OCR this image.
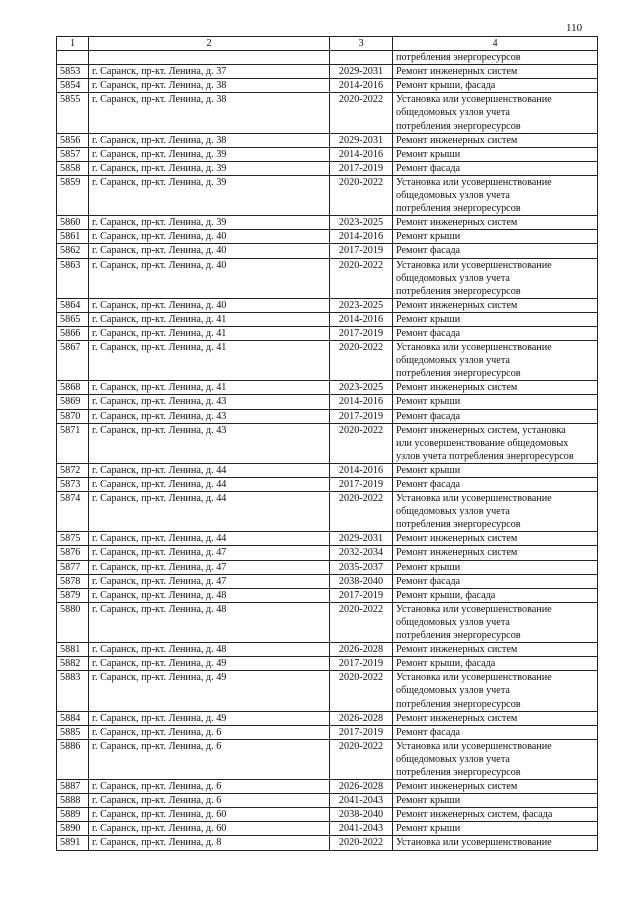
110
1	2	3	4

			потребления энергоресурсов

5853	г. Саранск, пр-кт. Ленина, д. 37	2029-2031	Ремонт инженерных систем

5854	г. Саранск, пр-кт. Ленина, д. 38	2014-2016	Ремонт крыши, фасада

5855	г. Саранск, пр-кт. Ленина, д. 38	2020-2022	Установка или усовершенствование
общедомовых узлов учета
потребления энергоресурсов

5856	г. Саранск, пр-кт. Ленина, д. 38	2029-2031	Ремонт инженерных систем

5857	г. Саранск, пр-кт. Ленина, д. 39	2014-2016	Ремонт крыши

5858	г. Саранск, пр-кт. Ленина, д. 39	2017-2019	Ремонт фасада

5859	г. Саранск, пр-кт. Ленина, д. 39	2020-2022	Установка или усовершенствование
общедомовых узлов учета
потребления энергоресурсов

5860	г. Саранск, пр-кт. Ленина, д. 39	2023-2025	Ремонт инженерных систем

5861	г. Саранск, пр-кт. Ленина, д. 40	2014-2016	Ремонт крыши

5862	г. Саранск, пр-кт. Ленина, д. 40	2017-2019	Ремонт фасада

5863	г. Саранск, пр-кт. Ленина, д. 40	2020-2022	Установка или усовершенствование
общедомовых узлов учета
потребления энергоресурсов

5864	г. Саранск, пр-кт. Ленина, д. 40	2023-2025	Ремонт инженерных систем

5865	г. Саранск, пр-кт. Ленина, д. 41	2014-2016	Ремонт крыши

5866	г. Саранск, пр-кт. Ленина, д. 41	2017-2019	Ремонт фасада

5867	г. Саранск, пр-кт. Ленина, д. 41	2020-2022	Установка или усовершенствование
общедомовых узлов учета
потребления энергоресурсов

5868	г. Саранск, пр-кт. Ленина, д. 41	2023-2025	Ремонт инженерных систем

5869	г. Саранск, пр-кт. Ленина, д. 43	2014-2016	Ремонт крыши

5870	г. Саранск, пр-кт. Ленина, д. 43	2017-2019	Ремонт фасада

5871	г. Саранск, пр-кт. Ленина, д. 43	2020-2022	Ремонт инженерных систем, установка
или усовершенствование общедомовых
узлов учета потребления энергоресурсов

5872	г. Саранск, пр-кт. Ленина, д. 44	2014-2016	Ремонт крыши

5873	г. Саранск, пр-кт. Ленина, д. 44	2017-2019	Ремонт фасада

5874	г. Саранск, пр-кт. Ленина, д. 44	2020-2022	Установка или усовершенствование
общедомовых узлов учета
потребления энергоресурсов

5875	г. Саранск, пр-кт. Ленина, д. 44	2029-2031	Ремонт инженерных систем

5876	г. Саранск, пр-кт. Ленина, д. 47	2032-2034	Ремонт инженерных систем

5877	г. Саранск, пр-кт. Ленина, д. 47	2035-2037	Ремонт крыши

5878	г. Саранск, пр-кт. Ленина, д. 47	2038-2040	Ремонт фасада

5879	г. Саранск, пр-кт. Ленина, д. 48	2017-2019	Ремонт крыши, фасада

5880	г. Саранск, пр-кт. Ленина, д. 48	2020-2022	Установка или усовершенствование
общедомовых узлов учета
потребления энергоресурсов

5881	г. Саранск, пр-кт. Ленина, д. 48	2026-2028	Ремонт инженерных систем

5882	г. Саранск, пр-кт. Ленина, д. 49	2017-2019	Ремонт крыши, фасада

5883	г. Саранск, пр-кт. Ленина, д. 49	2020-2022	Установка или усовершенствование
общедомовых узлов учета
потребления энергоресурсов

5884	г. Саранск, пр-кт. Ленина, д. 49	2026-2028	Ремонт инженерных систем

5885	г. Саранск, пр-кт. Ленина, д. 6	2017-2019	Ремонт фасада

5886	г. Саранск, пр-кт. Ленина, д. 6	2020-2022	Установка или усовершенствование
общедомовых узлов учета
потребления энергоресурсов

5887	г. Саранск, пр-кт. Ленина, д. 6	2026-2028	Ремонт инженерных систем

5888	г. Саранск, пр-кт. Ленина, д. 6	2041-2043	Ремонт крыши

5889	г. Саранск, пр-кт. Ленина, д. 60	2038-2040	Ремонт инженерных систем, фасада

5890	г. Саранск, пр-кт. Ленина, д. 60	2041-2043	Ремонт крыши

5891	г. Саранск, пр-кт. Ленина, д. 8	2020-2022	Установка или усовершенствование
